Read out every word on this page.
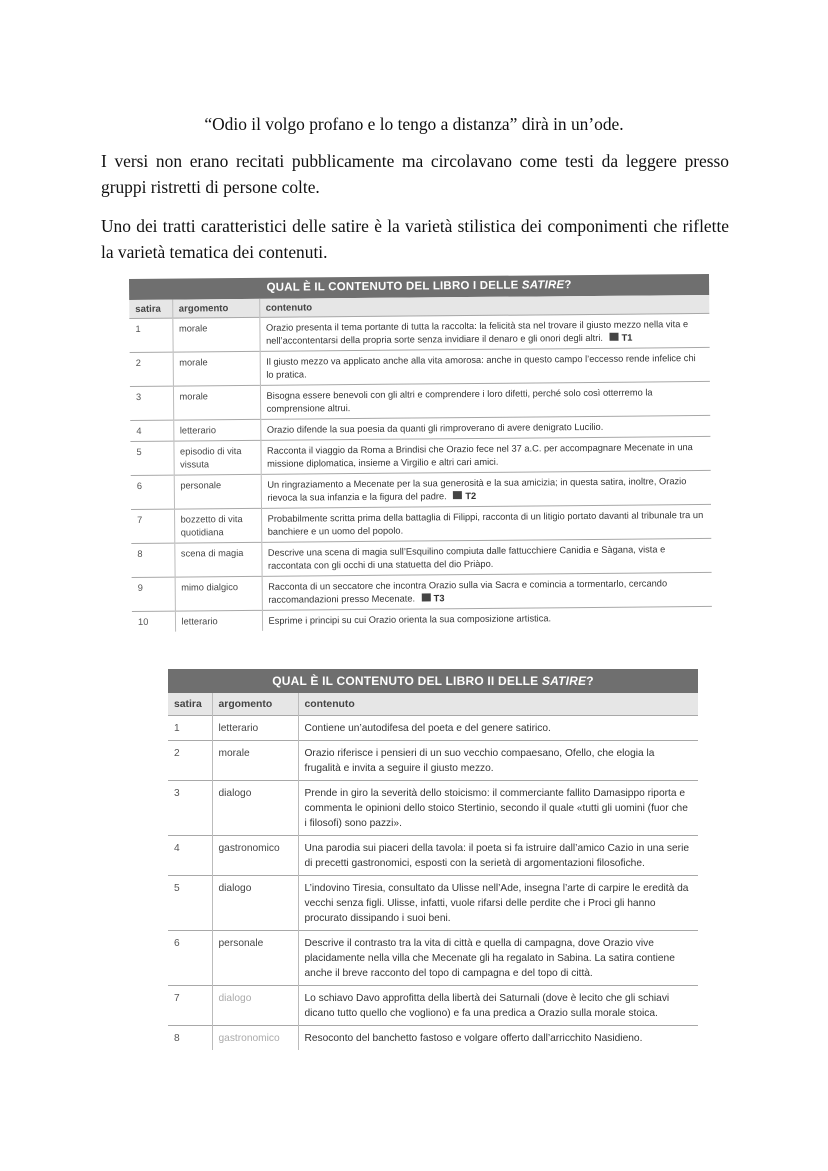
“Odio il volgo profano e lo tengo a distanza” dirà in un’ode.

I versi non erano recitati pubblicamente ma circolavano come testi da leggere presso gruppi ristretti di persone colte.

Uno dei tratti caratteristici delle satire è la varietà stilistica dei componimenti che riflette la varietà tematica dei contenuti.

QUAL È IL CONTENUTO DEL LIBRO I DELLE SATIRE?
satira	argomento	contenuto
1	morale	Orazio presenta il tema portante di tutta la raccolta: la felicità sta nel trovare il giusto mezzo nella vita e nell’accontentarsi della propria sorte senza invidiare il denaro e gli onori degli altri. T1
2	morale	Il giusto mezzo va applicato anche alla vita amorosa: anche in questo campo l’eccesso rende infelice chi lo pratica.
3	morale	Bisogna essere benevoli con gli altri e comprendere i loro difetti, perché solo così otterremo la comprensione altrui.
4	letterario	Orazio difende la sua poesia da quanti gli rimproverano di avere denigrato Lucilio.
5	episodio di vita vissuta	Racconta il viaggio da Roma a Brindisi che Orazio fece nel 37 a.C. per accompagnare Mecenate in una missione diplomatica, insieme a Virgilio e altri cari amici.
6	personale	Un ringraziamento a Mecenate per la sua generosità e la sua amicizia; in questa satira, inoltre, Orazio rievoca la sua infanzia e la figura del padre. T2
7	bozzetto di vita quotidiana	Probabilmente scritta prima della battaglia di Filippi, racconta di un litigio portato davanti al tribunale tra un banchiere e un uomo del popolo.
8	scena di magia	Descrive una scena di magia sull’Esquilino compiuta dalle fattucchiere Canidia e Sàgana, vista e raccontata con gli occhi di una statuetta del dio Priàpo.
9	mimo dialgico	Racconta di un seccatore che incontra Orazio sulla via Sacra e comincia a tormentarlo, cercando raccomandazioni presso Mecenate. T3
10	letterario	Esprime i principi su cui Orazio orienta la sua composizione artistica.
QUAL È IL CONTENUTO DEL LIBRO II DELLE SATIRE?
satira	argomento	contenuto
1	letterario	Contiene un’autodifesa del poeta e del genere satirico.
2	morale	Orazio riferisce i pensieri di un suo vecchio compaesano, Ofello, che elogia la frugalità e invita a seguire il giusto mezzo.
3	dialogo	Prende in giro la severità dello stoicismo: il commerciante fallito Damasippo riporta e commenta le opinioni dello stoico Stertinio, secondo il quale «tutti gli uomini (fuor che i filosofi) sono pazzi».
4	gastronomico	Una parodia sui piaceri della tavola: il poeta si fa istruire dall’amico Cazio in una serie di precetti gastronomici, esposti con la serietà di argomentazioni filosofiche.
5	dialogo	L’indovino Tiresia, consultato da Ulisse nell’Ade, insegna l’arte di carpire le eredità da vecchi senza figli. Ulisse, infatti, vuole rifarsi delle perdite che i Proci gli hanno procurato dissipando i suoi beni.
6	personale	Descrive il contrasto tra la vita di città e quella di campagna, dove Orazio vive placidamente nella villa che Mecenate gli ha regalato in Sabina. La satira contiene anche il breve racconto del topo di campagna e del topo di città.
7	dialogo	Lo schiavo Davo approfitta della libertà dei Saturnali (dove è lecito che gli schiavi dicano tutto quello che vogliono) e fa una predica a Orazio sulla morale stoica.
8	gastronomico	Resoconto del banchetto fastoso e volgare offerto dall’arricchito Nasidieno.
